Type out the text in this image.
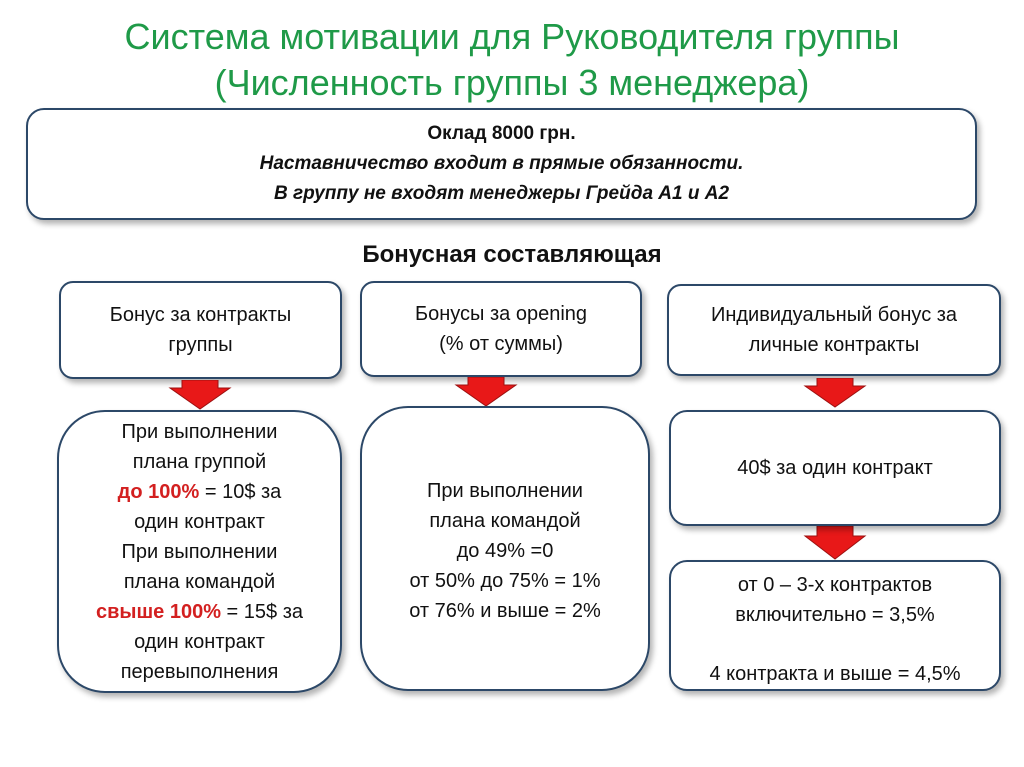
Система мотивации для Руководителя группы
(Численность группы 3 менеджера)
Оклад 8000 грн.
Наставничество входит в прямые обязанности.
В группу не входят менеджеры Грейда А1 и А2
Бонусная составляющая
Бонус за контракты
группы
Бонусы за opening
(% от суммы)
Индивидуальный бонус за
личные контракты
При выполнении
плана группой
до 100% = 10$ за
один контракт
При выполнении
плана командой
свыше 100% = 15$ за
один контракт
перевыполнения
При выполнении
плана командой
до 49% =0
от 50% до 75% = 1%
от 76% и выше = 2%
40$ за один контракт
от 0 – 3-х контрактов
включительно = 3,5%
4 контракта и выше = 4,5%
